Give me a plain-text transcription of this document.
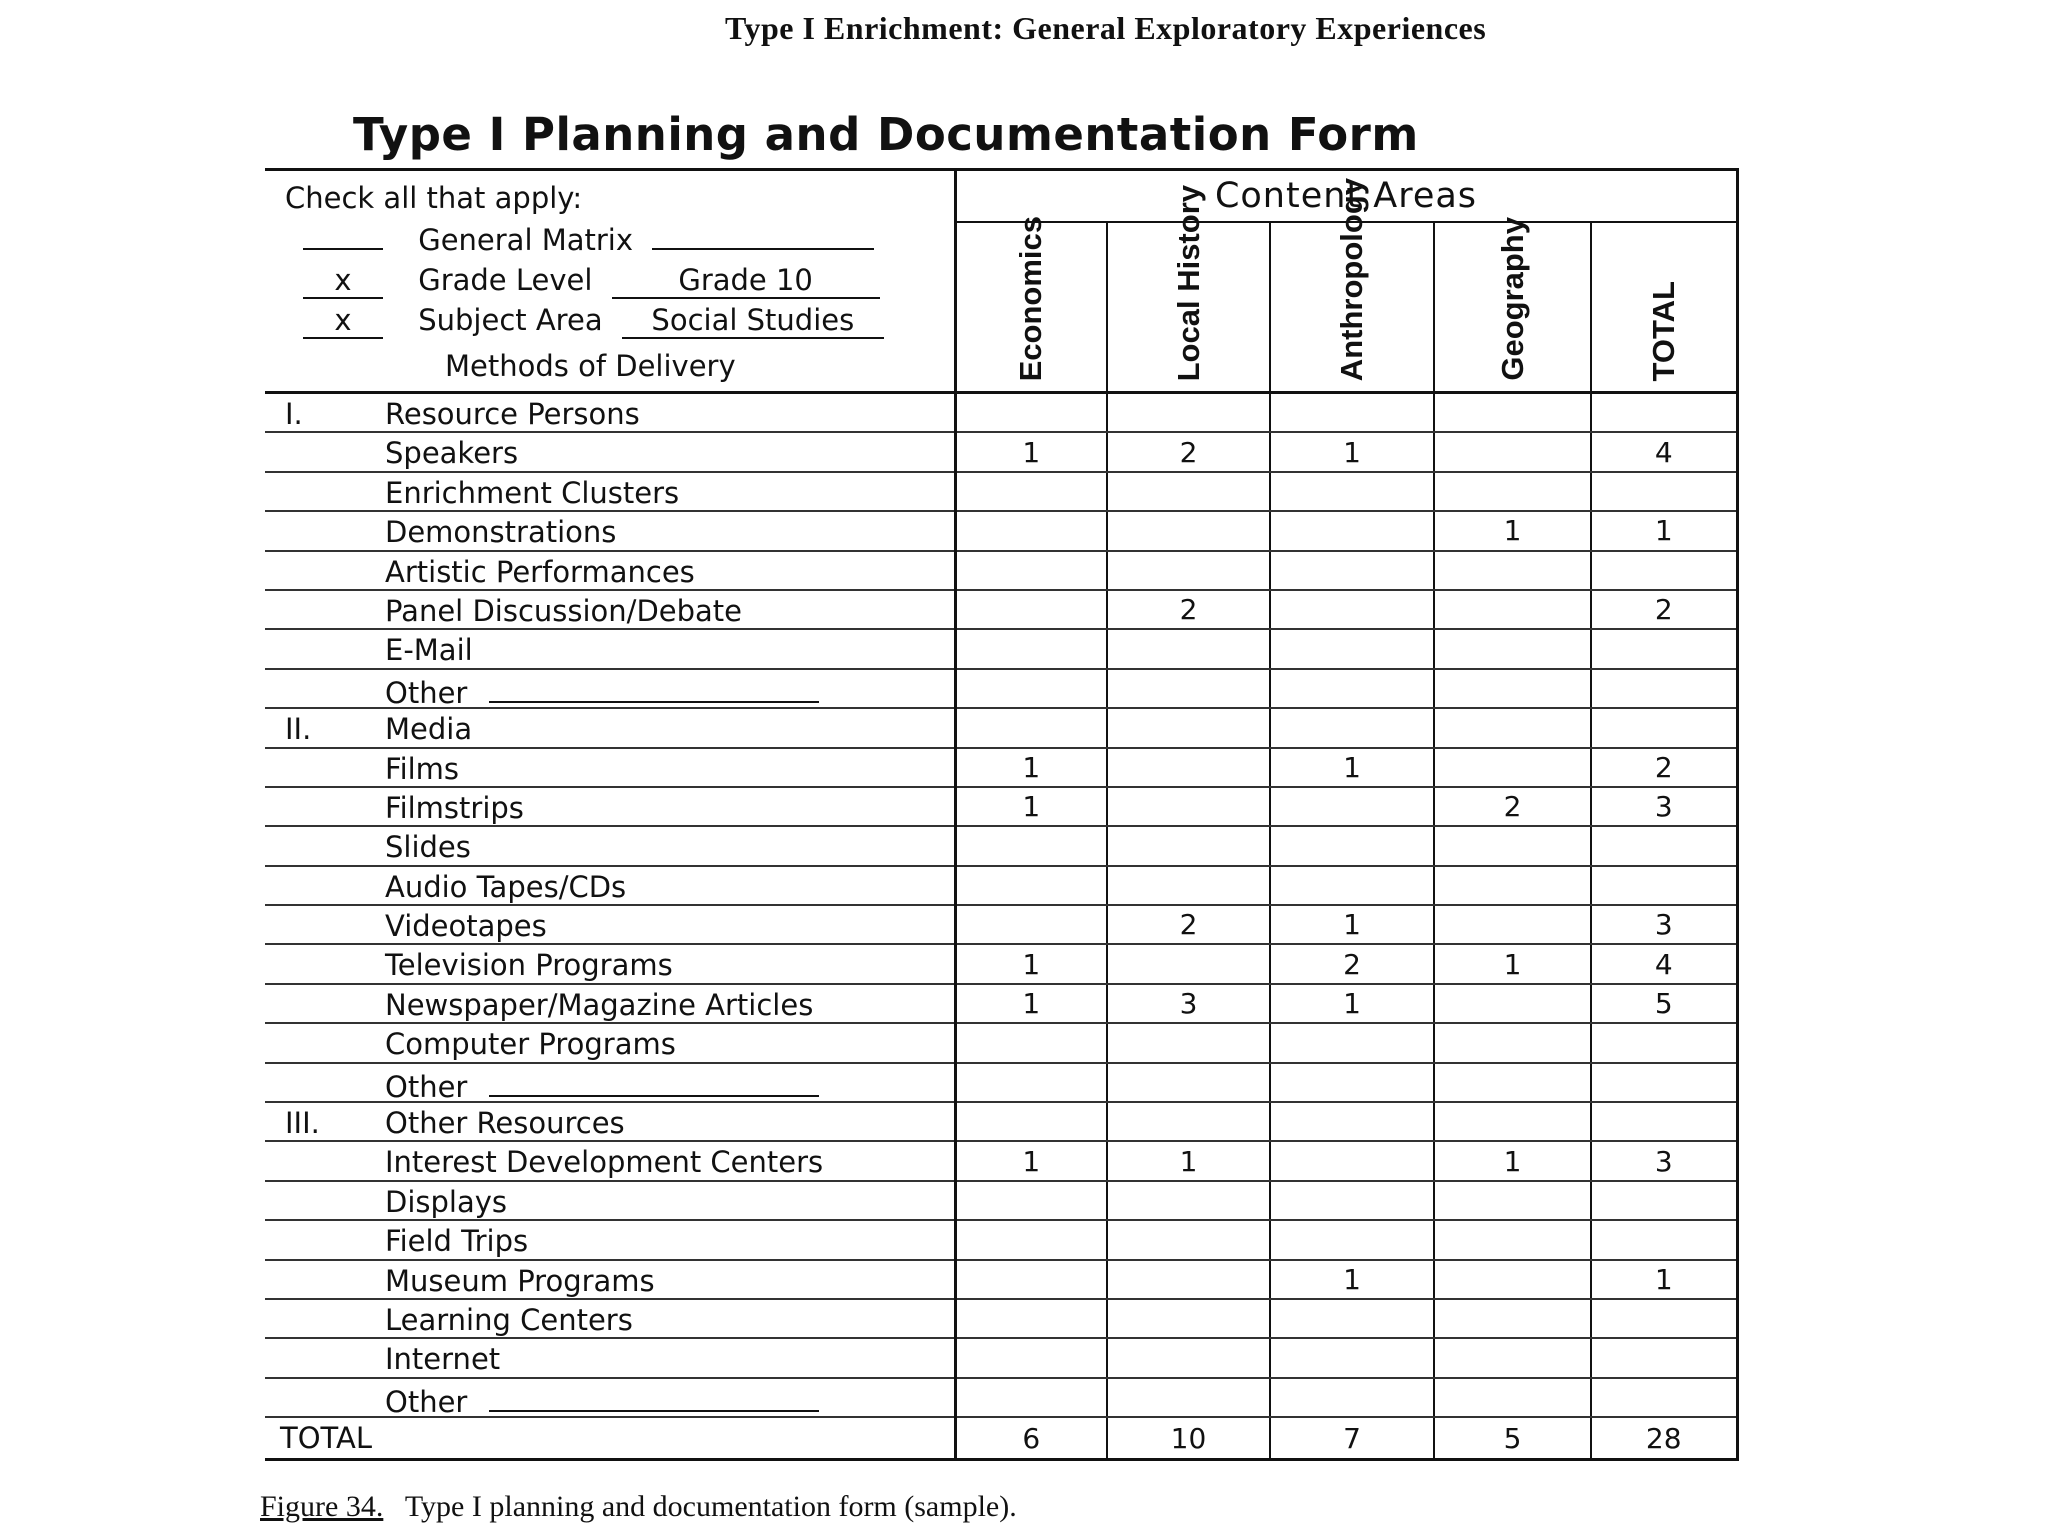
Type I Enrichment: General Exploratory Experiences
Type I Planning and Documentation Form
Check all that apply:
General Matrix
x Grade Level Grade 10
x Subject Area Social Studies
Methods of Delivery	Content Areas				

	Economics	Local History	Anthropology	Geography	TOTAL

I. Resource Persons					

Speakers	1	2	1		4

Enrichment Clusters					

Demonstrations				1	1

Artistic Performances					

Panel Discussion/Debate		2			2

E-Mail					

Other					

II. Media					

Films	1		1		2

Filmstrips	1			2	3

Slides					

Audio Tapes/CDs					

Videotapes		2	1		3

Television Programs	1		2	1	4

Newspaper/Magazine Articles	1	3	1		5

Computer Programs					

Other					

III. Other Resources					

Interest Development Centers	1	1		1	3

Displays					

Field Trips					

Museum Programs			1		1

Learning Centers					

Internet					

Other					

TOTAL	6	10	7	5	28
Figure 34. Type I planning and documentation form (sample).
